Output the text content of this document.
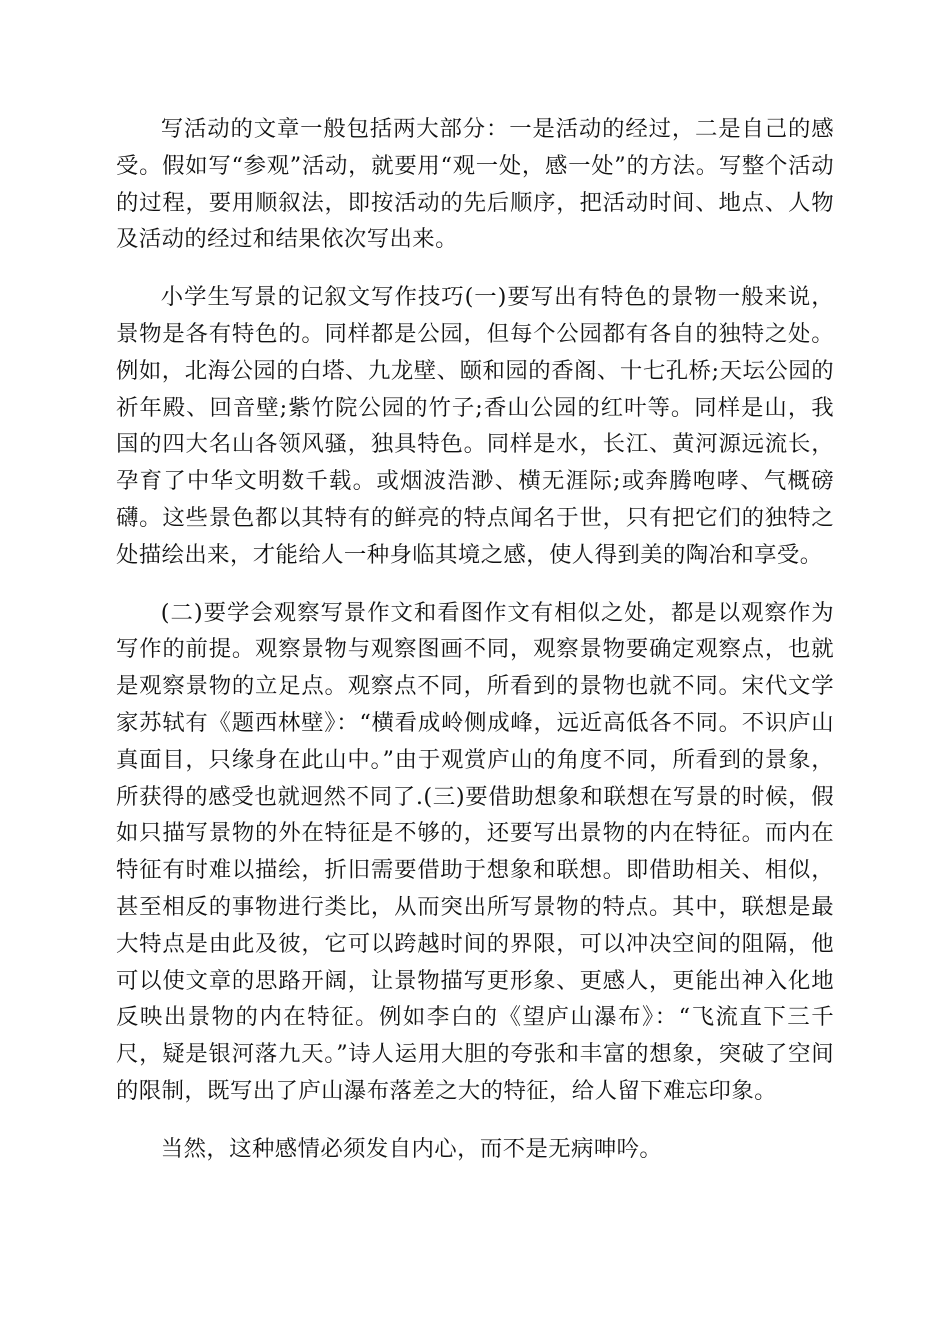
写活动的文章一般包括两大部分：一是活动的经过，二是自己的感受。假如写“参观”活动，就要用“观一处，感一处”的方法。写整个活动的过程，要用顺叙法，即按活动的先后顺序，把活动时间、地点、人物及活动的经过和结果依次写出来。

小学生写景的记叙文写作技巧(一)要写出有特色的景物一般来说，景物是各有特色的。同样都是公园，但每个公园都有各自的独特之处。例如，北海公园的白塔、九龙壁、颐和园的香阁、十七孔桥;天坛公园的祈年殿、回音壁;紫竹院公园的竹子;香山公园的红叶等。同样是山，我国的四大名山各领风骚，独具特色。同样是水，长江、黄河源远流长，孕育了中华文明数千载。或烟波浩渺、横无涯际;或奔腾咆哮、气概磅礴。这些景色都以其特有的鲜亮的特点闻名于世，只有把它们的独特之处描绘出来，才能给人一种身临其境之感，使人得到美的陶冶和享受。

(二)要学会观察写景作文和看图作文有相似之处，都是以观察作为写作的前提。观察景物与观察图画不同，观察景物要确定观察点，也就是观察景物的立足点。观察点不同，所看到的景物也就不同。宋代文学家苏轼有《题西林壁》：“横看成岭侧成峰，远近高低各不同。不识庐山真面目，只缘身在此山中。”由于观赏庐山的角度不同，所看到的景象，所获得的感受也就迥然不同了.(三)要借助想象和联想在写景的时候，假如只描写景物的外在特征是不够的，还要写出景物的内在特征。而内在特征有时难以描绘，折旧需要借助于想象和联想。即借助相关、相似，甚至相反的事物进行类比，从而突出所写景物的特点。其中，联想是最大特点是由此及彼，它可以跨越时间的界限，可以冲决空间的阻隔，他可以使文章的思路开阔，让景物描写更形象、更感人，更能出神入化地反映出景物的内在特征。例如李白的《望庐山瀑布》：“飞流直下三千尺，疑是银河落九天。”诗人运用大胆的夸张和丰富的想象，突破了空间的限制，既写出了庐山瀑布落差之大的特征，给人留下难忘印象。

当然，这种感情必须发自内心，而不是无病呻吟。
